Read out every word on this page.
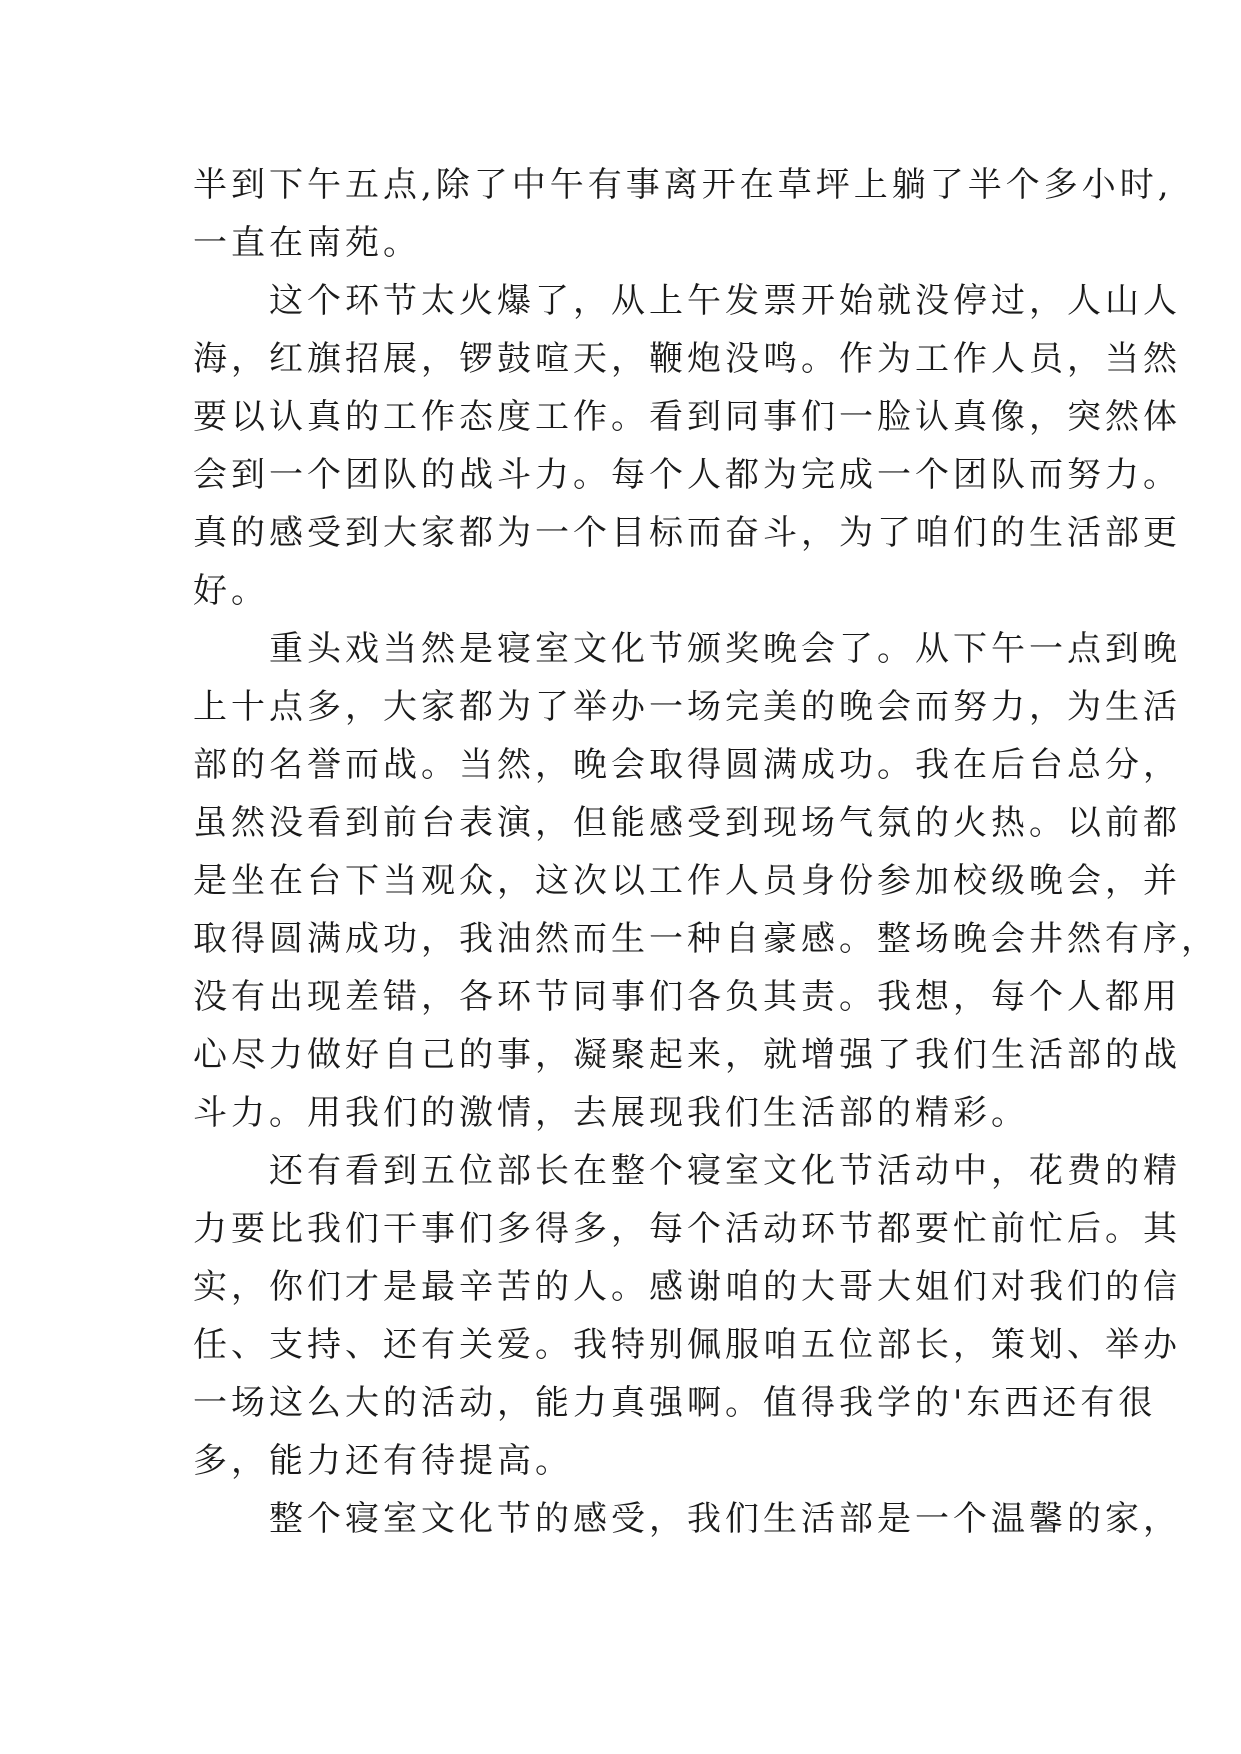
半到下午五点,除了中午有事离开在草坪上躺了半个多小时,
一直在南苑。
　　这个环节太火爆了，从上午发票开始就没停过，人山人
海，红旗招展，锣鼓喧天，鞭炮没鸣。作为工作人员，当然
要以认真的工作态度工作。看到同事们一脸认真像，突然体
会到一个团队的战斗力。每个人都为完成一个团队而努力。
真的感受到大家都为一个目标而奋斗，为了咱们的生活部更
好。
　　重头戏当然是寝室文化节颁奖晚会了。从下午一点到晚
上十点多，大家都为了举办一场完美的晚会而努力，为生活
部的名誉而战。当然，晚会取得圆满成功。我在后台总分，
虽然没看到前台表演，但能感受到现场气氛的火热。以前都
是坐在台下当观众，这次以工作人员身份参加校级晚会，并
取得圆满成功，我油然而生一种自豪感。整场晚会井然有序，
没有出现差错，各环节同事们各负其责。我想，每个人都用
心尽力做好自己的事，凝聚起来，就增强了我们生活部的战
斗力。用我们的激情，去展现我们生活部的精彩。
　　还有看到五位部长在整个寝室文化节活动中，花费的精
力要比我们干事们多得多，每个活动环节都要忙前忙后。其
实，你们才是最辛苦的人。感谢咱的大哥大姐们对我们的信
任、支持、还有关爱。我特别佩服咱五位部长，策划、举办
一场这么大的活动，能力真强啊。值得我学的'东西还有很
多，能力还有待提高。
　　整个寝室文化节的感受，我们生活部是一个温馨的家，
